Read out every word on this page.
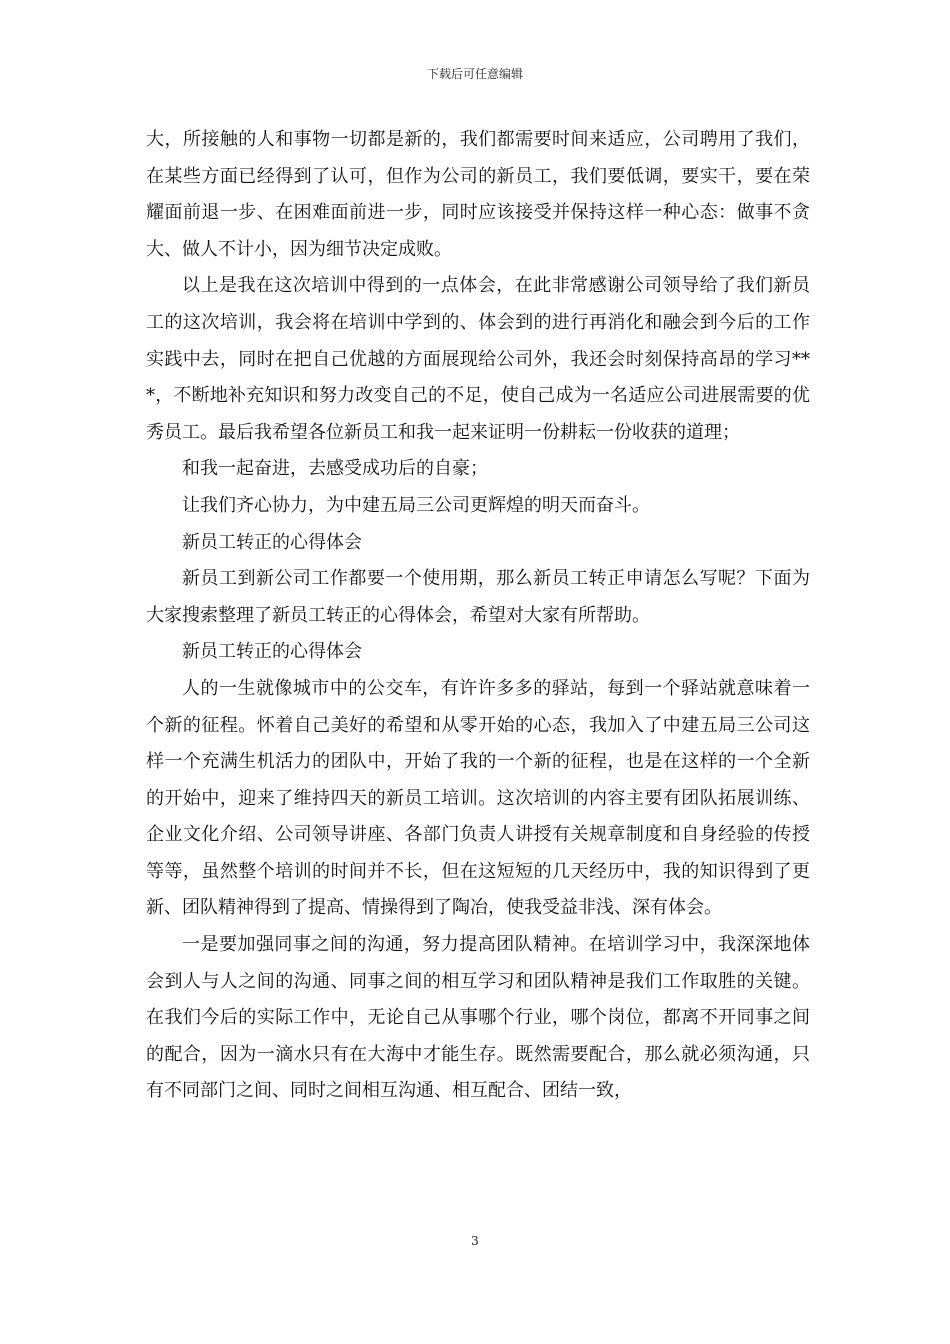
下载后可任意编辑

大，所接触的人和事物一切都是新的，我们都需要时间来适应，公司聘用了我们，在某些方面已经得到了认可，但作为公司的新员工，我们要低调，要实干，要在荣耀面前退一步、在困难面前进一步，同时应该接受并保持这样一种心态：做事不贪大、做人不计小，因为细节决定成败。

以上是我在这次培训中得到的一点体会，在此非常感谢公司领导给了我们新员工的这次培训，我会将在培训中学到的、体会到的进行再消化和融会到今后的工作实践中去，同时在把自己优越的方面展现给公司外，我还会时刻保持高昂的学习***，不断地补充知识和努力改变自己的不足，使自己成为一名适应公司进展需要的优秀员工。最后我希望各位新员工和我一起来证明一份耕耘一份收获的道理；

和我一起奋进，去感受成功后的自豪；

让我们齐心协力，为中建五局三公司更辉煌的明天而奋斗。

新员工转正的心得体会

新员工到新公司工作都要一个使用期，那么新员工转正申请怎么写呢？下面为大家搜索整理了新员工转正的心得体会，希望对大家有所帮助。

新员工转正的心得体会

人的一生就像城市中的公交车，有许许多多的驿站，每到一个驿站就意味着一个新的征程。怀着自己美好的希望和从零开始的心态，我加入了中建五局三公司这样一个充满生机活力的团队中，开始了我的一个新的征程，也是在这样的一个全新的开始中，迎来了维持四天的新员工培训。这次培训的内容主要有团队拓展训练、企业文化介绍、公司领导讲座、各部门负责人讲授有关规章制度和自身经验的传授等等，虽然整个培训的时间并不长，但在这短短的几天经历中，我的知识得到了更新、团队精神得到了提高、情操得到了陶冶，使我受益非浅、深有体会。

一是要加强同事之间的沟通，努力提高团队精神。在培训学习中，我深深地体会到人与人之间的沟通、同事之间的相互学习和团队精神是我们工作取胜的关键。在我们今后的实际工作中，无论自己从事哪个行业，哪个岗位，都离不开同事之间的配合，因为一滴水只有在大海中才能生存。既然需要配合，那么就必须沟通，只有不同部门之间、同时之间相互沟通、相互配合、团结一致，

3
